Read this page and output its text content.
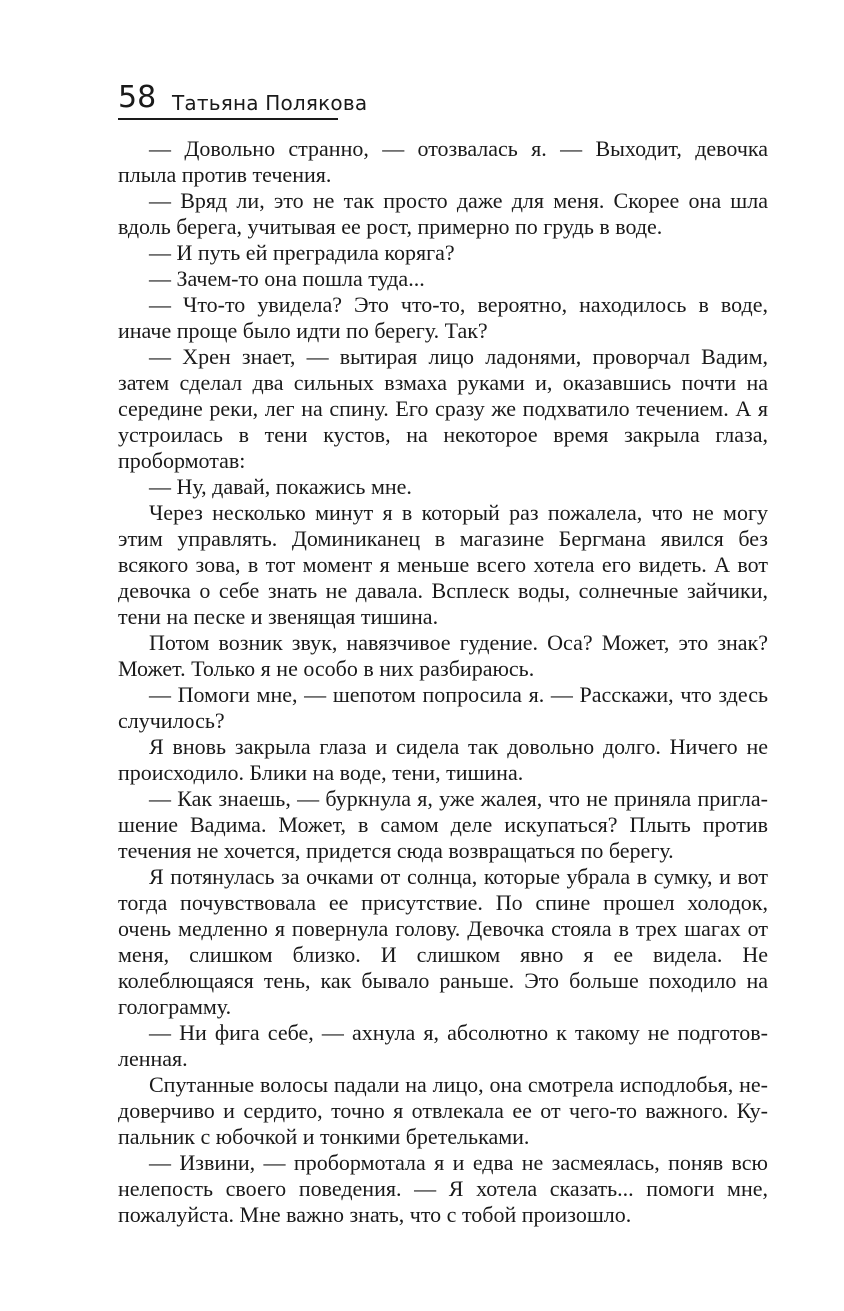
58 Татьяна Полякова

— Довольно странно, — отозвалась я. — Выходит, девочка плыла против течения.

— Вряд ли, это не так просто даже для меня. Скорее она шла вдоль берега, учитывая ее рост, примерно по грудь в воде.

— И путь ей преградила коряга?

— Зачем-то она пошла туда...

— Что-то увидела? Это что-то, вероятно, находилось в воде, иначе проще было идти по берегу. Так?

— Хрен знает, — вытирая лицо ладонями, проворчал Вадим, затем сделал два сильных взмаха руками и, оказавшись почти на середине реки, лег на спину. Его сразу же подхватило течением. А я устроилась в тени кустов, на некоторое время закрыла глаза, пробормотав:

— Ну, давай, покажись мне.

Через несколько минут я в который раз пожалела, что не могу этим управлять. Доминиканец в магазине Бергмана явился без всякого зова, в тот момент я меньше всего хотела его видеть. А вот девочка о себе знать не давала. Всплеск воды, солнечные зайчики, тени на песке и звенящая тишина.

Потом возник звук, навязчивое гудение. Оса? Может, это знак? Может. Только я не особо в них разбираюсь.

— Помоги мне, — шепотом попросила я. — Расскажи, что здесь случилось?

Я вновь закрыла глаза и сидела так довольно долго. Ничего не происходило. Блики на воде, тени, тишина.

— Как знаешь, — буркнула я, уже жалея, что не приняла приглашение Вадима. Может, в самом деле искупаться? Плыть против течения не хочется, придется сюда возвращаться по берегу.

Я потянулась за очками от солнца, которые убрала в сумку, и вот тогда почувствовала ее присутствие. По спине прошел холодок, очень медленно я повернула голову. Девочка стояла в трех шагах от меня, слишком близко. И слишком явно я ее видела. Не колеблющаяся тень, как бывало раньше. Это больше походило на голограмму.

— Ни фига себе, — ахнула я, абсолютно к такому не подготовленная.

Спутанные волосы падали на лицо, она смотрела исподлобья, недоверчиво и сердито, точно я отвлекала ее от чего-то важного. Купальник с юбочкой и тонкими бретельками.

— Извини, — пробормотала я и едва не засмеялась, поняв всю нелепость своего поведения. — Я хотела сказать... помоги мне, пожалуйста. Мне важно знать, что с тобой произошло.
